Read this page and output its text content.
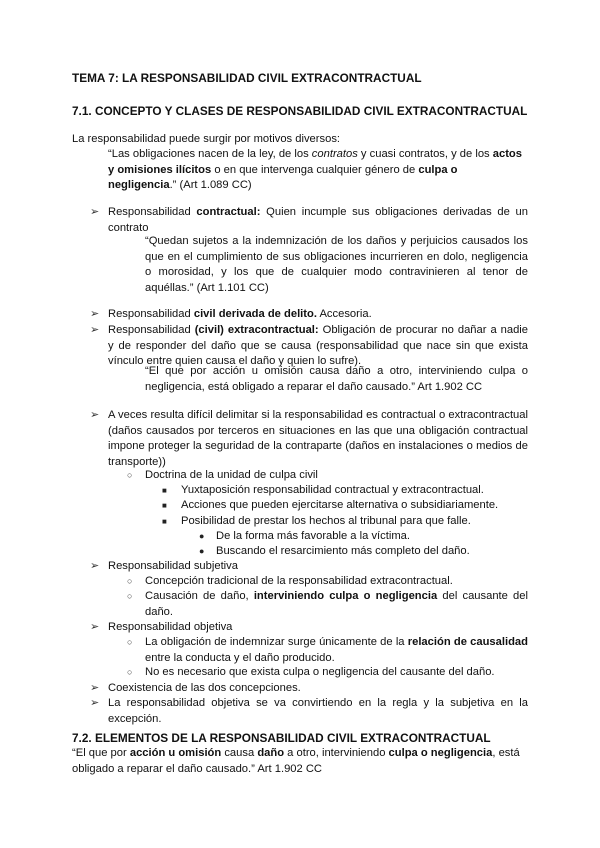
TEMA 7: LA RESPONSABILIDAD CIVIL EXTRACONTRACTUAL
7.1. CONCEPTO Y CLASES DE RESPONSABILIDAD CIVIL EXTRACONTRACTUAL
La responsabilidad puede surgir por motivos diversos:
“Las obligaciones nacen de la ley, de los contratos y cuasi contratos, y de los actos y omisiones ilícitos o en que intervenga cualquier género de culpa o negligencia.” (Art 1.089 CC)
➢ Responsabilidad contractual: Quien incumple sus obligaciones derivadas de un contrato
“Quedan sujetos a la indemnización de los daños y perjuicios causados los que en el cumplimiento de sus obligaciones incurrieren en dolo, negligencia o morosidad, y los que de cualquier modo contravinieren al tenor de aquéllas.” (Art 1.101 CC)
➢ Responsabilidad civil derivada de delito. Accesoria.
➢ Responsabilidad (civil) extracontractual: Obligación de procurar no dañar a nadie y de responder del daño que se causa (responsabilidad que nace sin que exista vínculo entre quien causa el daño y quien lo sufre).
“El que por acción u omisión causa daño a otro, interviniendo culpa o negligencia, está obligado a reparar el daño causado.” Art 1.902 CC
➢ A veces resulta difícil delimitar si la responsabilidad es contractual o extracontractual (daños causados por terceros en situaciones en las que una obligación contractual impone proteger la seguridad de la contraparte (daños en instalaciones o medios de transporte))
○	Doctrina de la unidad de culpa civil
■ Yuxtaposición responsabilidad contractual y extracontractual.
■ Acciones que pueden ejercitarse alternativa o subsidiariamente.
■ Posibilidad de prestar los hechos al tribunal para que falle.
● De la forma más favorable a la víctima.
● Buscando el resarcimiento más completo del daño.
➢ Responsabilidad subjetiva
○	Concepción tradicional de la responsabilidad extracontractual.
○	Causación de daño, interviniendo culpa o negligencia del causante del daño.
➢ Responsabilidad objetiva
○	La obligación de indemnizar surge únicamente de la relación de causalidad entre la conducta y el daño producido.
○	No es necesario que exista culpa o negligencia del causante del daño.
➢ Coexistencia de las dos concepciones.
➢ La responsabilidad objetiva se va convirtiendo en la regla y la subjetiva en la excepción.
7.2. ELEMENTOS DE LA RESPONSABILIDAD CIVIL EXTRACONTRACTUAL
“El que por acción u omisión causa daño a otro, interviniendo culpa o negligencia, está obligado a reparar el daño causado.” Art 1.902 CC
